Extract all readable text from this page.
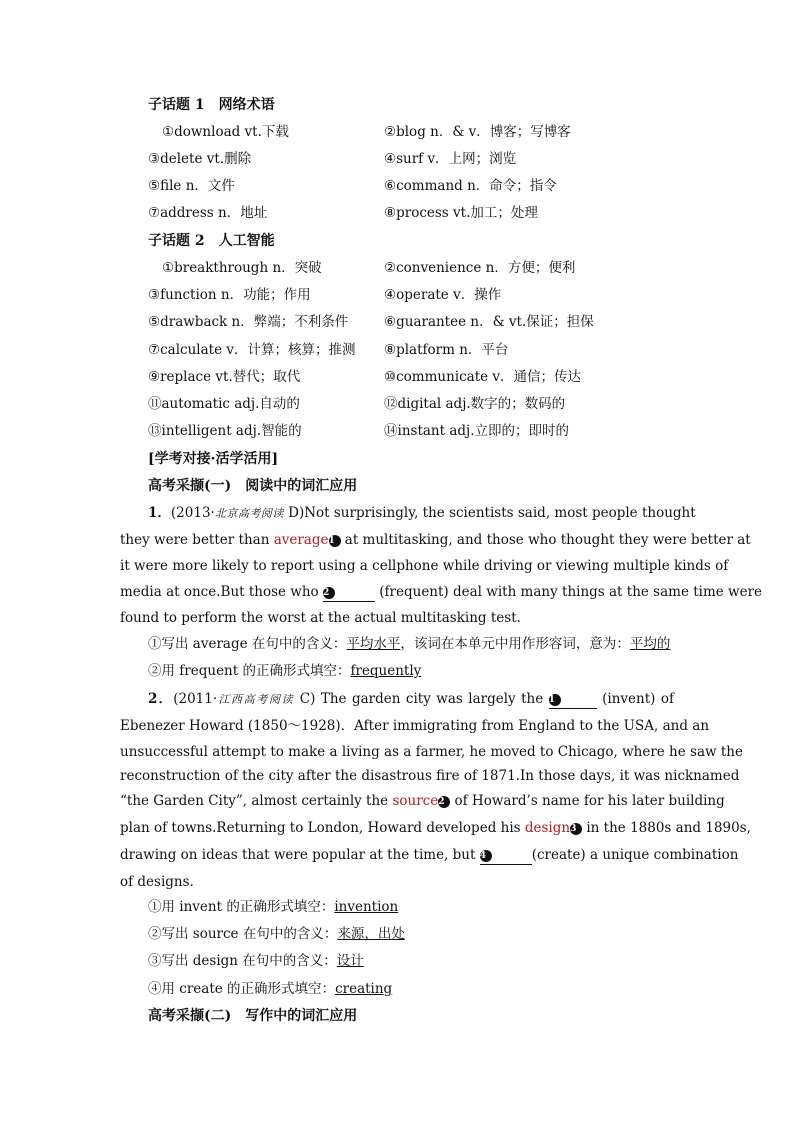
子话题 1　网络术语
①download vt.下载	②blog n．& v．博客；写博客
③delete vt.删除	④surf v．上网；浏览
⑤file n．文件	⑥command n．命令；指令
⑦address n．地址	⑧process vt.加工；处理
子话题 2　人工智能
①breakthrough n．突破	②convenience n．方便；便利
③function n．功能；作用	④operate v．操作
⑤drawback n．弊端；不利条件	⑥guarantee n．& vt.保证；担保
⑦calculate v．计算；核算；推测 ⑧platform n．平台
⑨replace vt.替代；取代	⑩communicate v．通信；传达
⑪automatic adj.自动的	⑫digital adj.数字的；数码的
⑬intelligent adj.智能的	⑭instant adj.立即的；即时的
[学考对接·活学活用]
高考采撷(一)　阅读中的词汇应用
1．(2013·北京高考阅读 D)Not surprisingly, the scientists said, most people thought
they were better than average1 at multitasking, and those who thought they were better at
it were more likely to report using a cellphone while driving or viewing multiple kinds of
media at once.But those who 2	(frequent) deal with many things at the same time were
found to perform the worst at the actual multitasking test.
①写出 average 在句中的含义：平均水平，该词在本单元中用作形容词，意为：平均的
②用 frequent 的正确形式填空：frequently
2．(2011·江西高考阅读 C) The garden city was largely the 1	(invent) of
Ebenezer Howard (1850～1928)．After immigrating from England to the USA, and an
unsuccessful attempt to make a living as a farmer, he moved to Chicago, where he saw the
reconstruction of the city after the disastrous fire of 1871.In those days, it was nicknamed
“the Garden City”, almost certainly the source2 of Howard’s name for his later building
plan of towns.Returning to London, Howard developed his design3 in the 1880s and 1890s,
drawing on ideas that were popular at the time, but 4	(create) a unique combination
of designs.
①用 invent 的正确形式填空：invention
②写出 source 在句中的含义：来源，出处
③写出 design 在句中的含义：设计
④用 create 的正确形式填空：creating
高考采撷(二)　写作中的词汇应用
